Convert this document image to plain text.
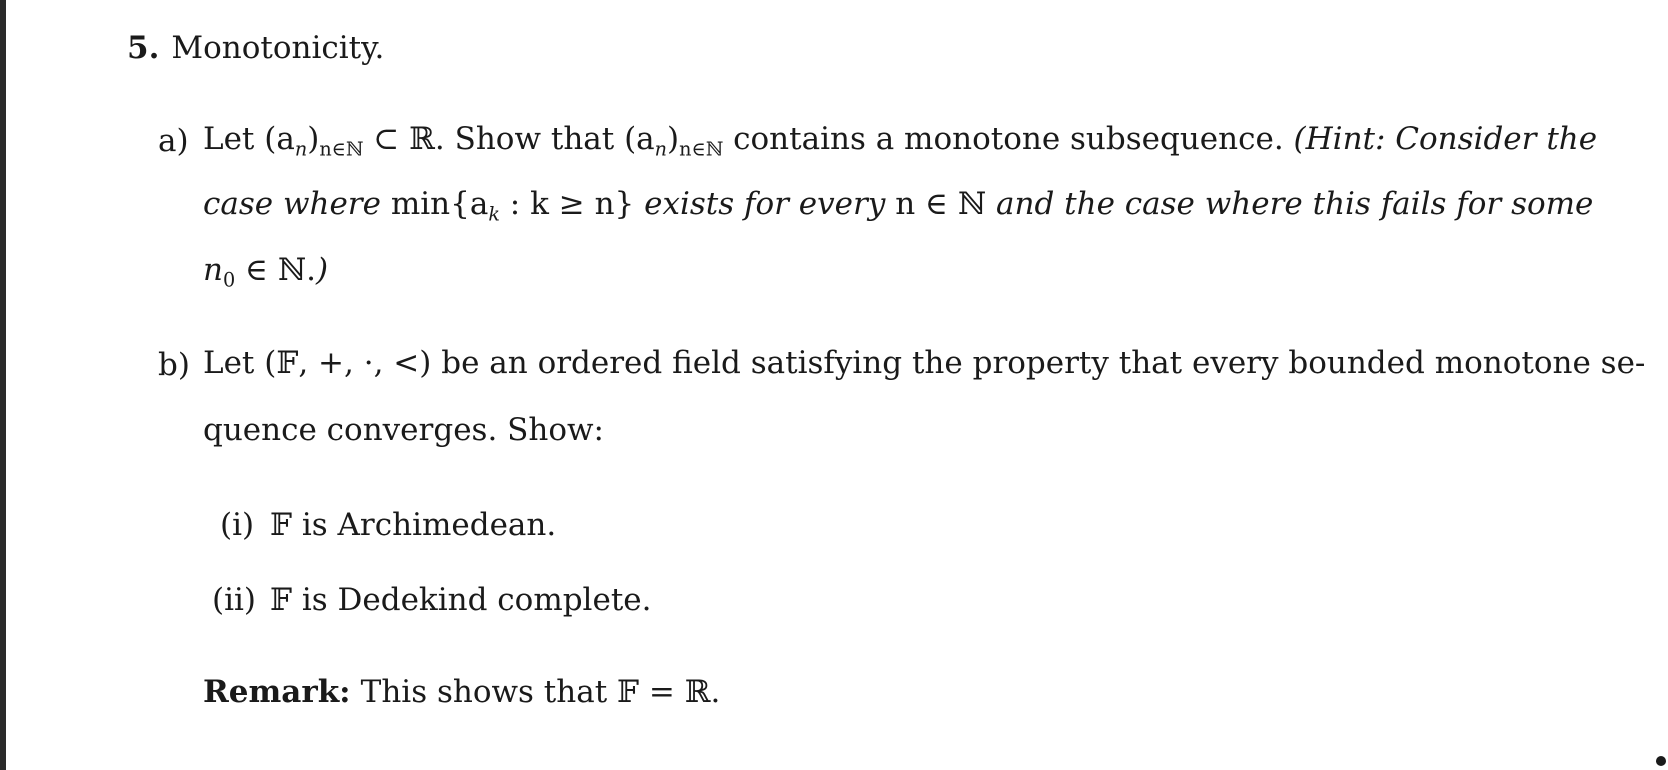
5. Monotonicity.
a) Let $(a_n)_{n\in ℕ}$ ⊂ ℝ. Show that $(a_n)_{n\in ℕ}$ contains a monotone subsequence. (Hint: Consider the
case where $\min\{a_k$ : k ≥ n} exists for every n ∈ ℕ and the case where this fails for some
$n_0$ ∈ ℕ.)
b) Let (𝔽, +, ·, <) be an ordered field satisfying the property that every bounded monotone se-
quence converges. Show:
(i) 𝔽 is Archimedean.
(ii) 𝔽 is Dedekind complete.
Remark: This shows that 𝔽 = ℝ.
